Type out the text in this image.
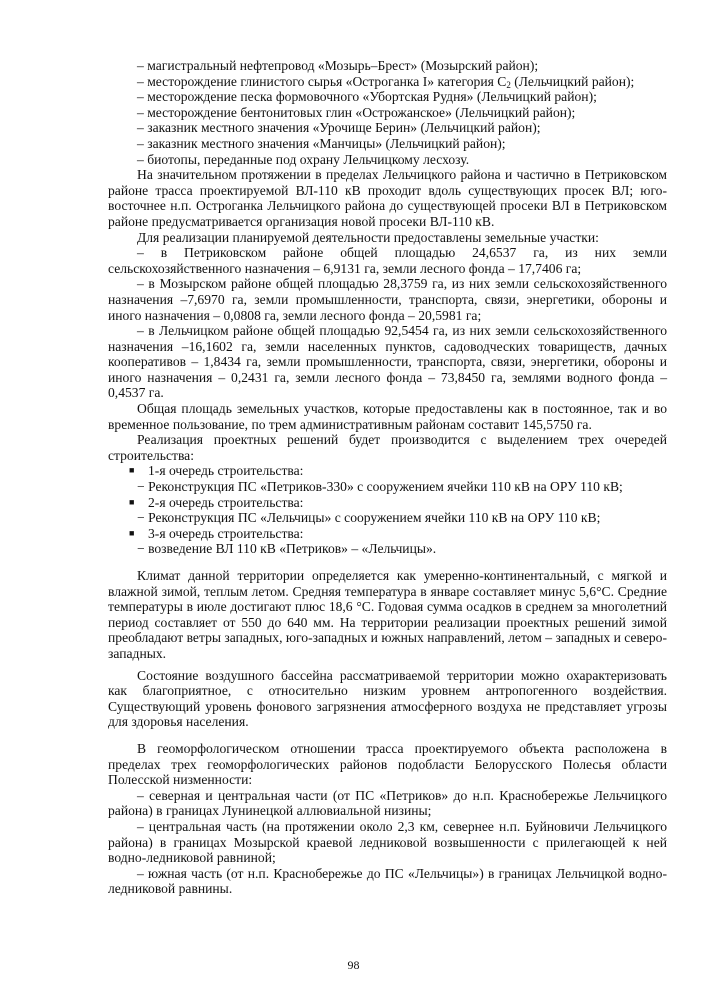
– магистральный нефтепровод «Мозырь–Брест» (Мозырский район);

– месторождение глинистого сырья «Остроганка I» категория $С_2$ (Лельчицкий район);

– месторождение песка формовочного «Убортская Рудня» (Лельчицкий район);

– месторождение бентонитовых глин «Острожанское» (Лельчицкий район);

– заказник местного значения «Урочище Берин» (Лельчицкий район);

– заказник местного значения «Манчицы» (Лельчицкий район);

– биотопы, переданные под охрану Лельчицкому лесхозу.

На значительном протяжении в пределах Лельчицкого района и частично в Петриковском районе трасса проектируемой ВЛ-110 кВ проходит вдоль существующих просек ВЛ; юго-восточнее н.п. Остроганка Лельчицкого района до существующей просеки ВЛ в Петриковском районе предусматривается организация новой просеки ВЛ-110 кВ.

Для реализации планируемой деятельности предоставлены земельные участки:

– в Петриковском районе общей площадью 24,6537 га, из них земли сельскохозяйственного назначения – 6,9131 га, земли лесного фонда – 17,7406 га;

– в Мозырском районе общей площадью 28,3759 га, из них земли сельскохозяйственного назначения –7,6970 га, земли промышленности, транспорта, связи, энергетики, обороны и иного назначения – 0,0808 га, земли лесного фонда – 20,5981 га;

– в Лельчицком районе общей площадью 92,5454 га, из них земли сельскохозяйственного назначения –16,1602 га, земли населенных пунктов, садоводческих товариществ, дачных кооперативов – 1,8434 га, земли промышленности, транспорта, связи, энергетики, обороны и иного назначения – 0,2431 га, земли лесного фонда – 73,8450 га, землями водного фонда – 0,4537 га.

Общая площадь земельных участков, которые предоставлены как в постоянное, так и во временное пользование, по трем административным районам составит 145,5750 га.

Реализация проектных решений будет производится с выделением трех очередей строительства:

■ 1-я очередь строительства:

− Реконструкция ПС «Петриков-330» с сооружением ячейки 110 кВ на ОРУ 110 кВ;

■ 2-я очередь строительства:

− Реконструкция ПС «Лельчицы» с сооружением ячейки 110 кВ на ОРУ 110 кВ;

■ 3-я очередь строительства:

− возведение ВЛ 110 кВ «Петриков» – «Лельчицы».

Климат данной территории определяется как умеренно-континентальный, с мягкой и влажной зимой, теплым летом. Средняя температура в январе составляет минус 5,6°С. Средние температуры в июле достигают плюс 18,6 °С. Годовая сумма осадков в среднем за многолетний период составляет от 550 до 640 мм. На территории реализации проектных решений зимой преобладают ветры западных, юго-западных и южных направлений, летом – западных и северо-западных.

Состояние воздушного бассейна рассматриваемой территории можно охарактеризовать как благоприятное, с относительно низким уровнем антропогенного воздействия. Существующий уровень фонового загрязнения атмосферного воздуха не представляет угрозы для здоровья населения.

В геоморфологическом отношении трасса проектируемого объекта расположена в пределах трех геоморфологических районов подобласти Белорусского Полесья области Полесской низменности:

– северная и центральная части (от ПС «Петриков» до н.п. Краснобережье Лельчицкого района) в границах Лунинецкой аллювиальной низины;

– центральная часть (на протяжении около 2,3 км, севернее н.п. Буйновичи Лельчицкого района) в границах Мозырской краевой ледниковой возвышенности с прилегающей к ней водно-ледниковой равниной;

– южная часть (от н.п. Краснобережье до ПС «Лельчицы») в границах Лельчицкой водно-ледниковой равнины.

98
